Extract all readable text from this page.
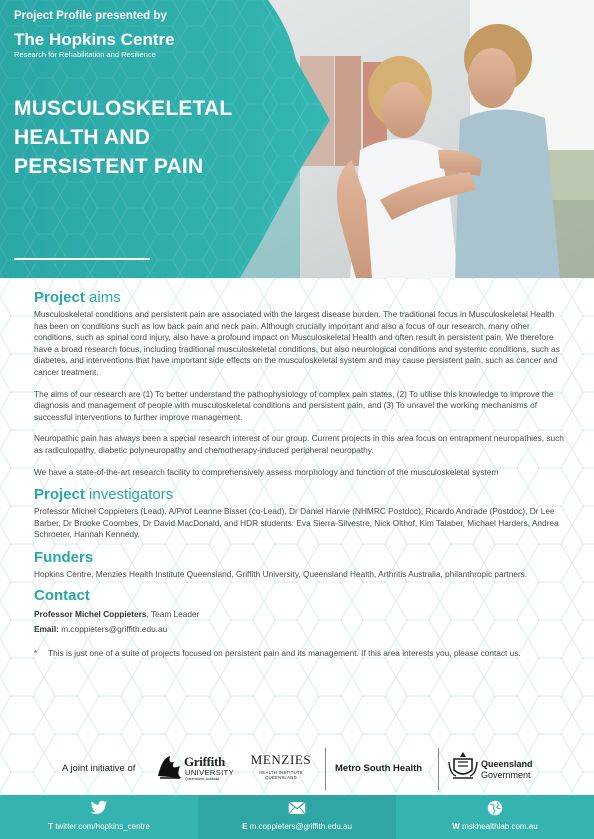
Project Profile presented by

The Hopkins Centre

Research for Rehabilitation and Resilience

MUSCULOSKELETAL
HEALTH AND
PERSISTENT PAIN
Project aims

Musculoskeletal conditions and persistent pain are associated with the largest disease burden. The traditional focus in Musculoskeletal Health has been on conditions such as low back pain and neck pain. Although crucially important and also a focus of our research, many other conditions, such as spinal cord injury, also have a profound impact on Musculoskeletal Health and often result in persistent pain. We therefore have a broad research focus, including traditional musculoskeletal conditions, but also neurological conditions and systemic conditions, such as diabetes, and interventions that have important side effects on the musculoskeletal system and may cause persistent pain, such as cancer and cancer treatment.

The aims of our research are (1) To better understand the pathophysiology of complex pain states, (2) To utilise this knowledge to improve the diagnosis and management of people with musculoskeletal conditions and persistent pain, and (3) To unravel the working mechanisms of successful interventions to further improve management.

Neuropathic pain has always been a special research interest of our group. Current projects in this area focus on entrapment neuropathies, such as radiculopathy, diabetic polyneuropathy and chemotherapy-induced peripheral neuropathy.

We have a state-of-the-art research facility to comprehensively assess morphology and function of the musculoskeletal system

Project investigators

Professor Michel Coppieters (Lead), A/Prof Leanne Bisset (co-Lead), Dr Daniel Harvie (NHMRC Postdoc), Ricardo Andrade (Postdoc), Dr Lee Barber, Dr Brooke Coombes, Dr David MacDonald, and HDR students: Eva Sierra-Silvestre, Nick Olthof, Kim Talaber, Michael Harders, Andrea Schroeter, Hannah Kennedy.

Funders

Hopkins Centre, Menzies Health Institute Queensland, Griffith University, Queensland Health, Arthritis Australia, philanthropic partners.

Contact

Professor Michel Coppieters, Team Leader

Email: m.coppieters@griffith.edu.au

* This is just one of a suite of projects focused on persistent pain and its management. If this area interests you, please contact us.

A joint initiative of	Griffith
UNIVERSITY
Queensland, Australia
MENZIES
HEALTH INSTITUTE
QUEENSLAND
Metro South Health	Queensland
Government
T twitter.com/hopkins_centre	E m.coppieters@griffith.edu.au	W mskhealthlab.com.au
